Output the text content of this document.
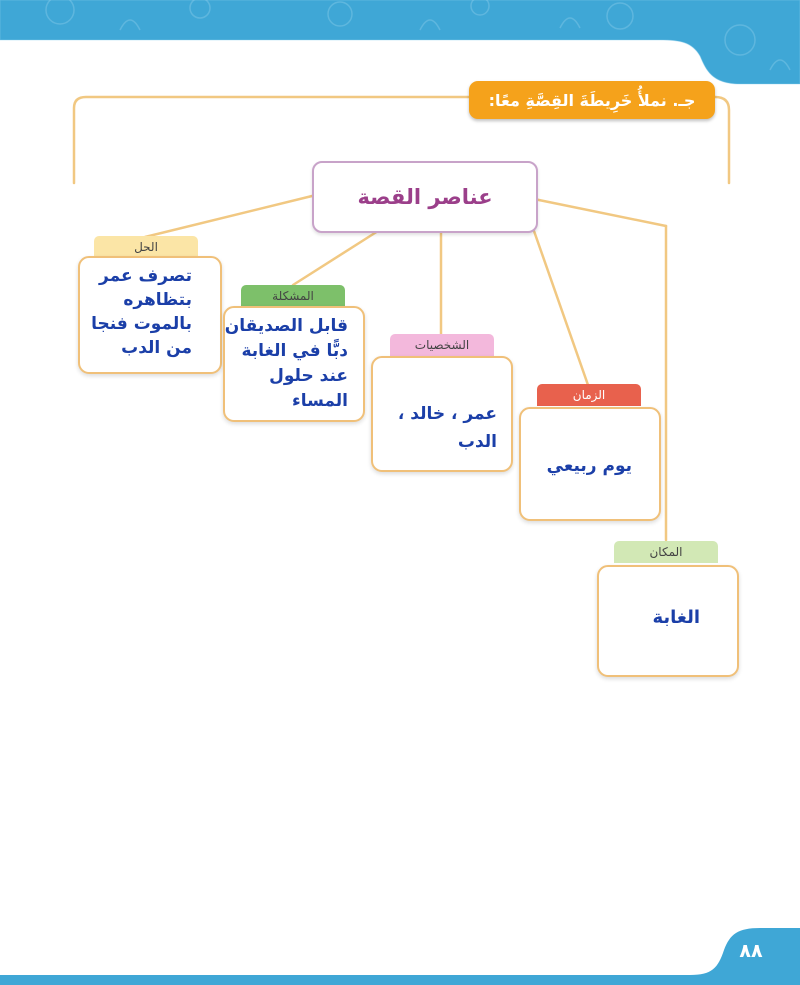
٨٨
جـ. نملأُ خَرِيطَةَ القِصَّةِ معًا:
عناصر القصة
الحل
تصرف عمر
بتظاهره
بالموت فنجا
من الدب
المشكلة
قابل الصديقان
دبًّا في الغابة
عند حلول
المساء
الشخصيات
عمر ، خالد ،
الدب
الزمان
يوم ربيعي
المكان
الغابة
